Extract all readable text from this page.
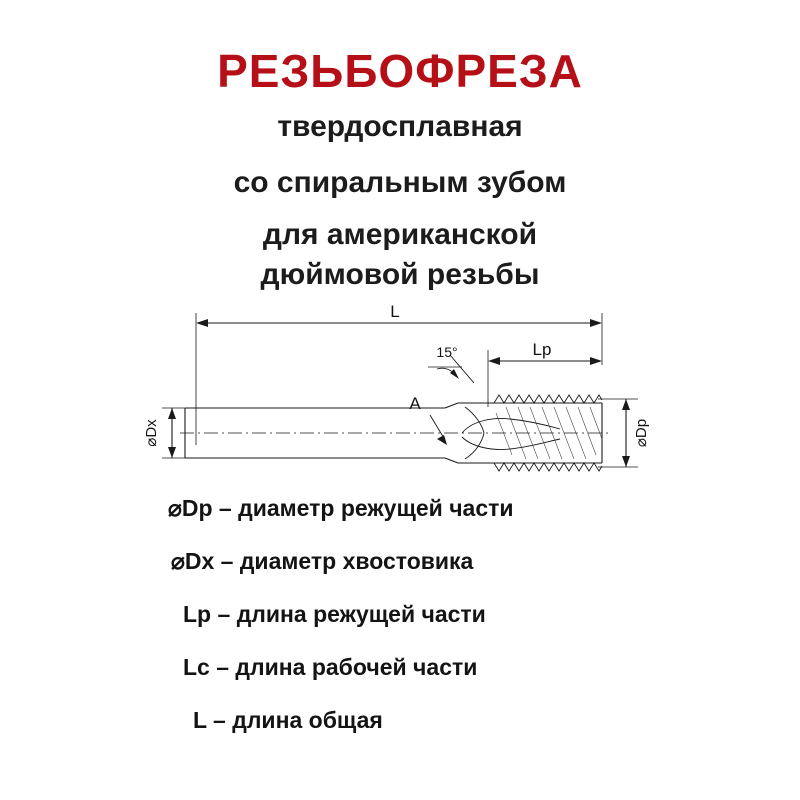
РЕЗЬБОФРЕЗА
твердосплавная
со спиральным зубом
для американской
дюймовой резьбы
L
Lp
15°
A
⌀Dx	⌀Dp
⌀Dp – диаметр режущей части
⌀Dx – диаметр хвостовика
Lp – длина режущей части
Lc – длина рабочей части
L – длина общая
